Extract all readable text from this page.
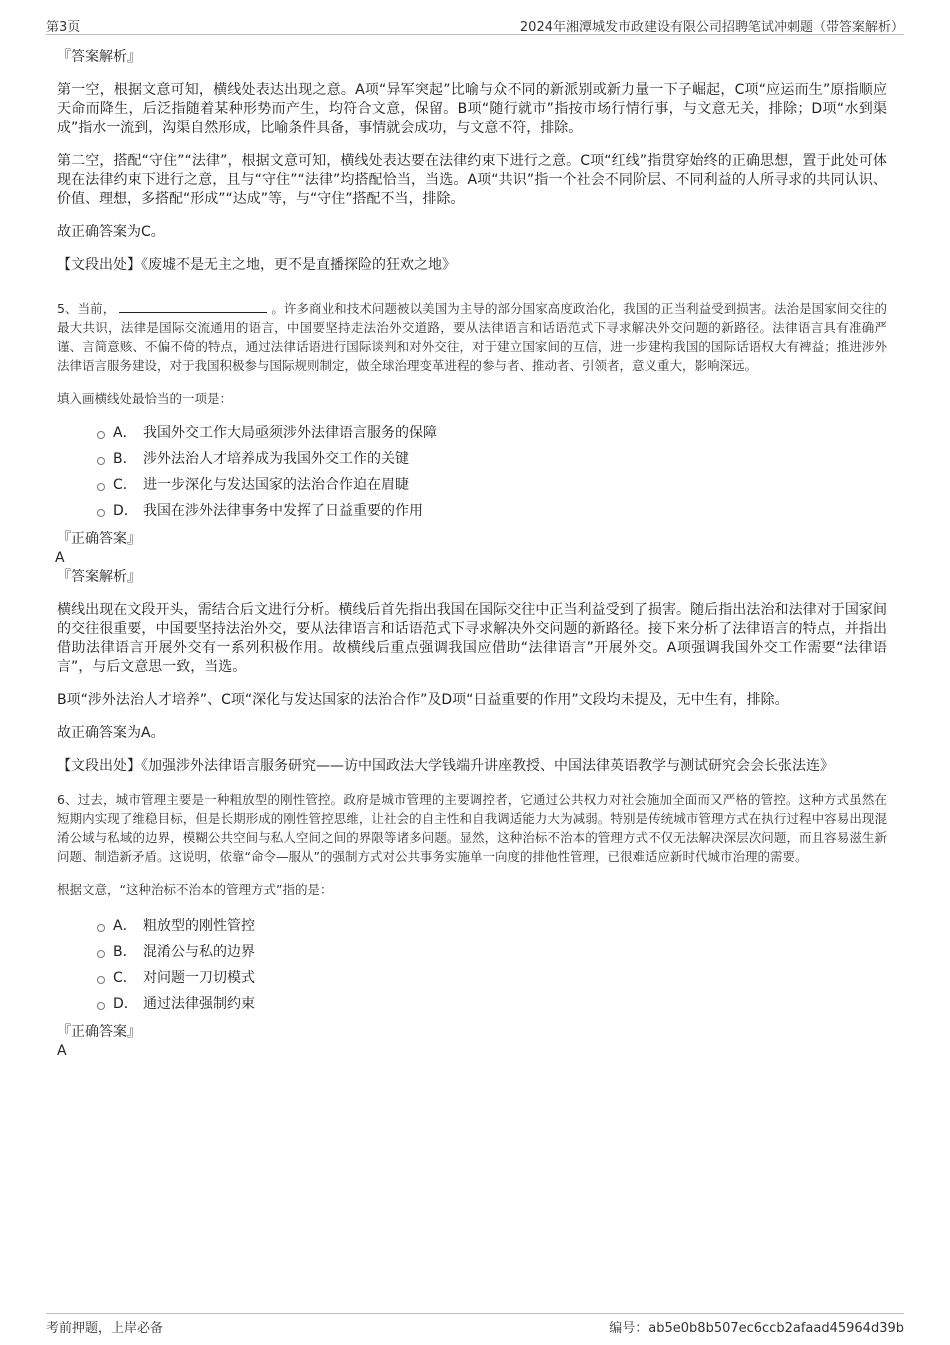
第3页	2024年湘潭城发市政建设有限公司招聘笔试冲刺题（带答案解析）

『答案解析』

第一空，根据文意可知，横线处表达出现之意。A项“异军突起”比喻与众不同的新派别或新力量一下子崛起，C项“应运而生”原指顺应天命而降生，后泛指随着某种形势而产生，均符合文意，保留。B项“随行就市”指按市场行情行事，与文意无关，排除；D项“水到渠成”指水一流到，沟渠自然形成，比喻条件具备，事情就会成功，与文意不符，排除。

第二空，搭配“守住”“法律”，根据文意可知，横线处表达要在法律约束下进行之意。C项“红线”指贯穿始终的正确思想，置于此处可体现在法律约束下进行之意，且与“守住”“法律”均搭配恰当，当选。A项“共识”指一个社会不同阶层、不同利益的人所寻求的共同认识、价值、理想，多搭配“形成”“达成”等，与“守住”搭配不当，排除。

故正确答案为C。

【文段出处】《废墟不是无主之地，更不是直播探险的狂欢之地》

5、当前，	。许多商业和技术问题被以美国为主导的部分国家高度政治化，我国的正当利益受到损害。法治是国家间交往的最大共识，法律是国际交流通用的语言，中国要坚持走法治外交道路，要从法律语言和话语范式下寻求解决外交问题的新路径。法律语言具有准确严谨、言简意赅、不偏不倚的特点，通过法律话语进行国际谈判和对外交往，对于建立国家间的互信，进一步建构我国的国际话语权大有裨益；推进涉外法律语言服务建设，对于我国积极参与国际规则制定，做全球治理变革进程的参与者、推动者、引领者，意义重大，影响深远。

填入画横线处最恰当的一项是：

A． 我国外交工作大局亟须涉外法律语言服务的保障
B． 涉外法治人才培养成为我国外交工作的关键
C． 进一步深化与发达国家的法治合作迫在眉睫
D． 我国在涉外法律事务中发挥了日益重要的作用

『正确答案』

A

『答案解析』

横线出现在文段开头，需结合后文进行分析。横线后首先指出我国在国际交往中正当利益受到了损害。随后指出法治和法律对于国家间的交往很重要，中国要坚持法治外交，要从法律语言和话语范式下寻求解决外交问题的新路径。接下来分析了法律语言的特点，并指出借助法律语言开展外交有一系列积极作用。故横线后重点强调我国应借助“法律语言”开展外交。A项强调我国外交工作需要“法律语言”，与后文意思一致，当选。

B项“涉外法治人才培养”、C项“深化与发达国家的法治合作”及D项“日益重要的作用”文段均未提及，无中生有，排除。

故正确答案为A。

【文段出处】《加强涉外法律语言服务研究——访中国政法大学钱端升讲座教授、中国法律英语教学与测试研究会会长张法连》

6、过去，城市管理主要是一种粗放型的刚性管控。政府是城市管理的主要调控者，它通过公共权力对社会施加全面而又严格的管控。这种方式虽然在短期内实现了维稳目标，但是长期形成的刚性管控思维，让社会的自主性和自我调适能力大为减弱。特别是传统城市管理方式在执行过程中容易出现混淆公域与私域的边界，模糊公共空间与私人空间之间的界限等诸多问题。显然，这种治标不治本的管理方式不仅无法解决深层次问题，而且容易滋生新问题、制造新矛盾。这说明，依靠“命令—服从”的强制方式对公共事务实施单一向度的排他性管理，已很难适应新时代城市治理的需要。

根据文意，“这种治标不治本的管理方式”指的是：

A． 粗放型的刚性管控
B． 混淆公与私的边界
C． 对问题一刀切模式
D． 通过法律强制约束

『正确答案』

A

考前押题，上岸必备	编号：ab5e0b8b507ec6ccb2afaad45964d39b
